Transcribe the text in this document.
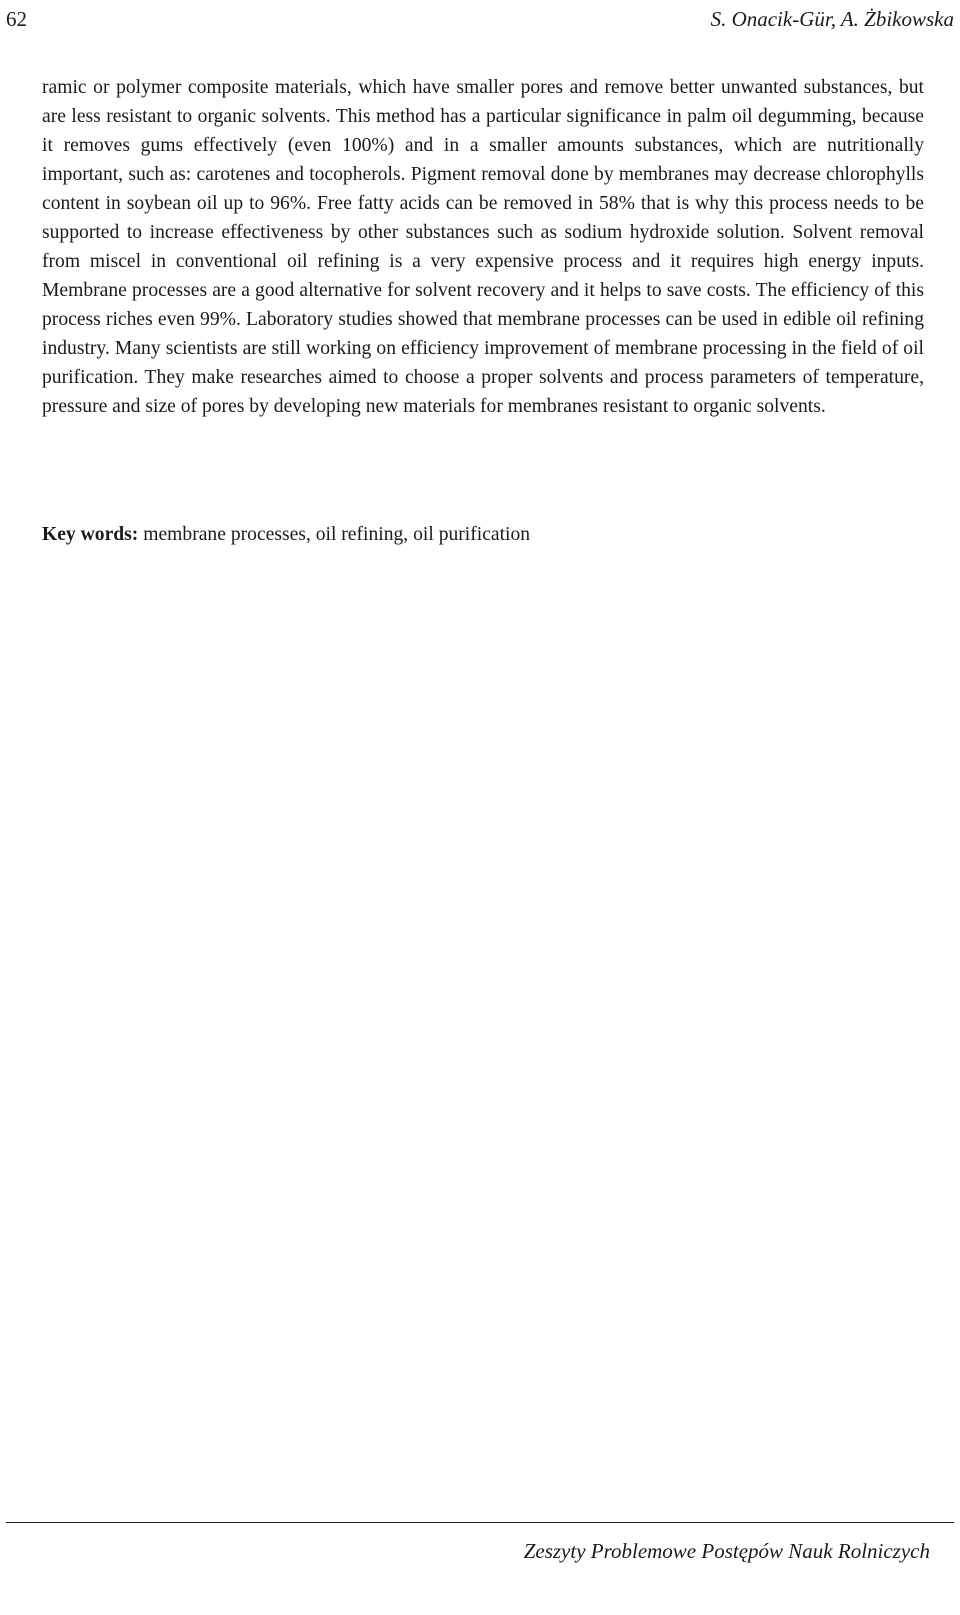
62	S. Onacik-Gür, A. Żbikowska

ramic or polymer composite materials, which have smaller pores and remove better unwanted substances, but are less resistant to organic solvents. This method has a particular significance in palm oil degumming, because it removes gums effectively (even 100%) and in a smaller amounts substances, which are nutritionally important, such as: carotenes and tocopherols. Pigment removal done by membranes may decrease chlorophylls content in soybean oil up to 96%. Free fatty acids can be removed in 58% that is why this process needs to be supported to increase effectiveness by other substances such as sodium hydroxide solution. Solvent removal from miscel in conventional oil refining is a very expensive process and it requires high energy inputs. Membrane processes are a good alternative for solvent recovery and it helps to save costs. The efficiency of this process riches even 99%. Laboratory studies showed that membrane processes can be used in edible oil refining industry. Many scientists are still working on efficiency improvement of membrane processing in the field of oil purification. They make researches aimed to choose a proper solvents and process parameters of temperature, pressure and size of pores by developing new materials for membranes resistant to organic solvents.

Key words: membrane processes, oil refining, oil purification

Zeszyty Problemowe Postępów Nauk Rolniczych
